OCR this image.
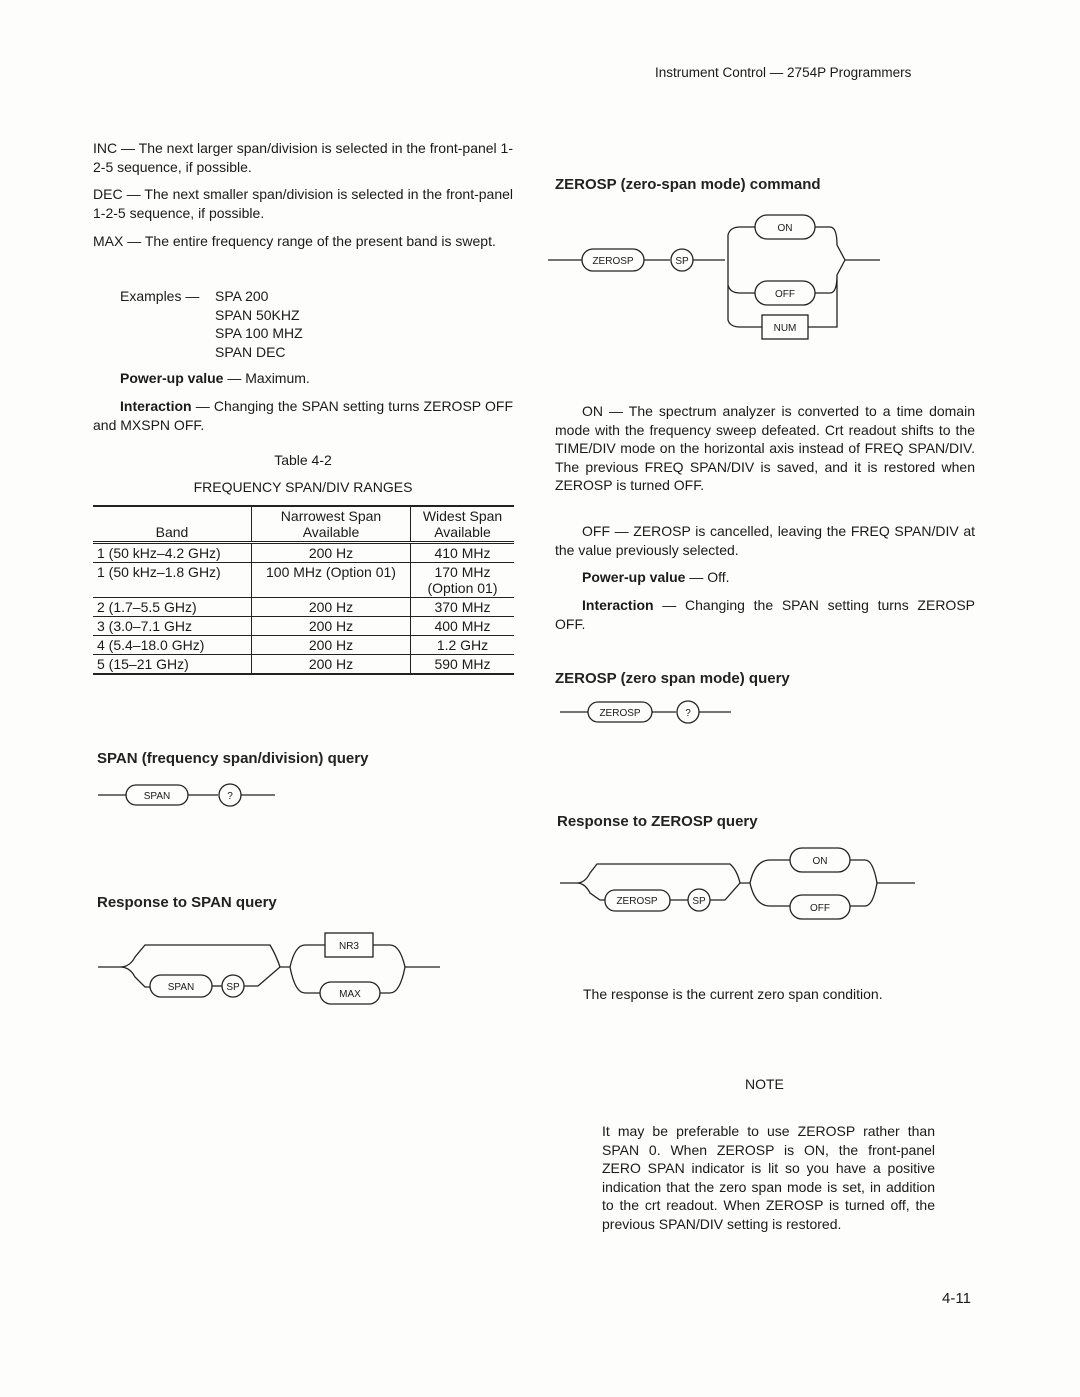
Instrument Control — 2754P Programmers
INC — The next larger span/division is selected in the front-panel 1-2-5 sequence, if possible.
DEC — The next smaller span/division is selected in the front-panel 1-2-5 sequence, if possible.
MAX — The entire frequency range of the present band is swept.
Examples — SPA 200
SPAN 50KHZ
SPA 100 MHZ
SPAN DEC
Power-up value — Maximum.
Interaction — Changing the SPAN setting turns ZEROSP OFF and MXSPN OFF.
Table 4-2
FREQUENCY SPAN/DIV RANGES
Band	Narrowest Span Available	Widest Span Available
1 (50 kHz–4.2 GHz)	200 Hz	410 MHz
1 (50 kHz–1.8 GHz)	100 MHz (Option 01)	170 MHz (Option 01)
2 (1.7–5.5 GHz)	200 Hz	370 MHz
3 (3.0–7.1 GHz	200 Hz	400 MHz
4 (5.4–18.0 GHz)	200 Hz	1.2 GHz
5 (15–21 GHz)	200 Hz	590 MHz
SPAN (frequency span/division) query
SPAN	?
Response to SPAN query
SPAN	SP
NR3
MAX
ZEROSP (zero-span mode) command
ZEROSP	SP
ON
OFF
NUM
ON — The spectrum analyzer is converted to a time domain mode with the frequency sweep defeated. Crt readout shifts to the TIME/DIV mode on the horizontal axis instead of FREQ SPAN/DIV. The previous FREQ SPAN/DIV is saved, and it is restored when ZEROSP is turned OFF.
OFF — ZEROSP is cancelled, leaving the FREQ SPAN/DIV at the value previously selected.
Power-up value — Off.
Interaction — Changing the SPAN setting turns ZEROSP OFF.
ZEROSP (zero span mode) query
ZEROSP	?
Response to ZEROSP query
ZEROSP	SP
ON
OFF
The response is the current zero span condition.
NOTE
It may be preferable to use ZEROSP rather than SPAN 0. When ZEROSP is ON, the front-panel ZERO SPAN indicator is lit so you have a positive indication that the zero span mode is set, in addition to the crt readout. When ZEROSP is turned off, the previous SPAN/DIV setting is restored.
4-11
